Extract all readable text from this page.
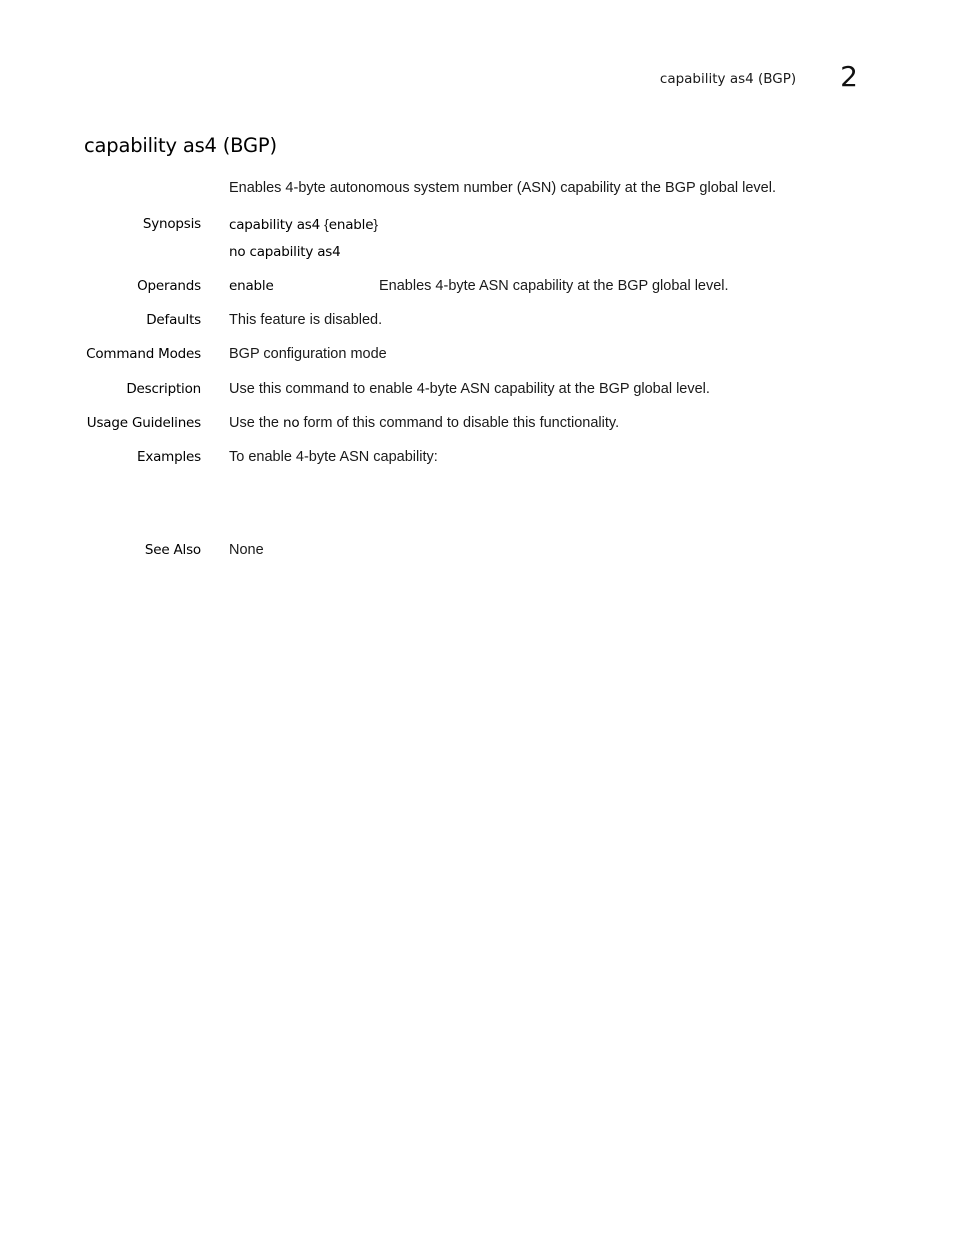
capability as4 (BGP) 2
capability as4 (BGP)
Enables 4-byte autonomous system number (ASN) capability at the BGP global level.
Synopsis capability as4 {enable}
no capability as4
Operands enable	Enables 4-byte ASN capability at the BGP global level.
Defaults This feature is disabled.
Command Modes BGP configuration mode
Description Use this command to enable 4-byte ASN capability at the BGP global level.
Usage Guidelines Use the no form of this command to disable this functionality.
Examples To enable 4-byte ASN capability:
See Also None
